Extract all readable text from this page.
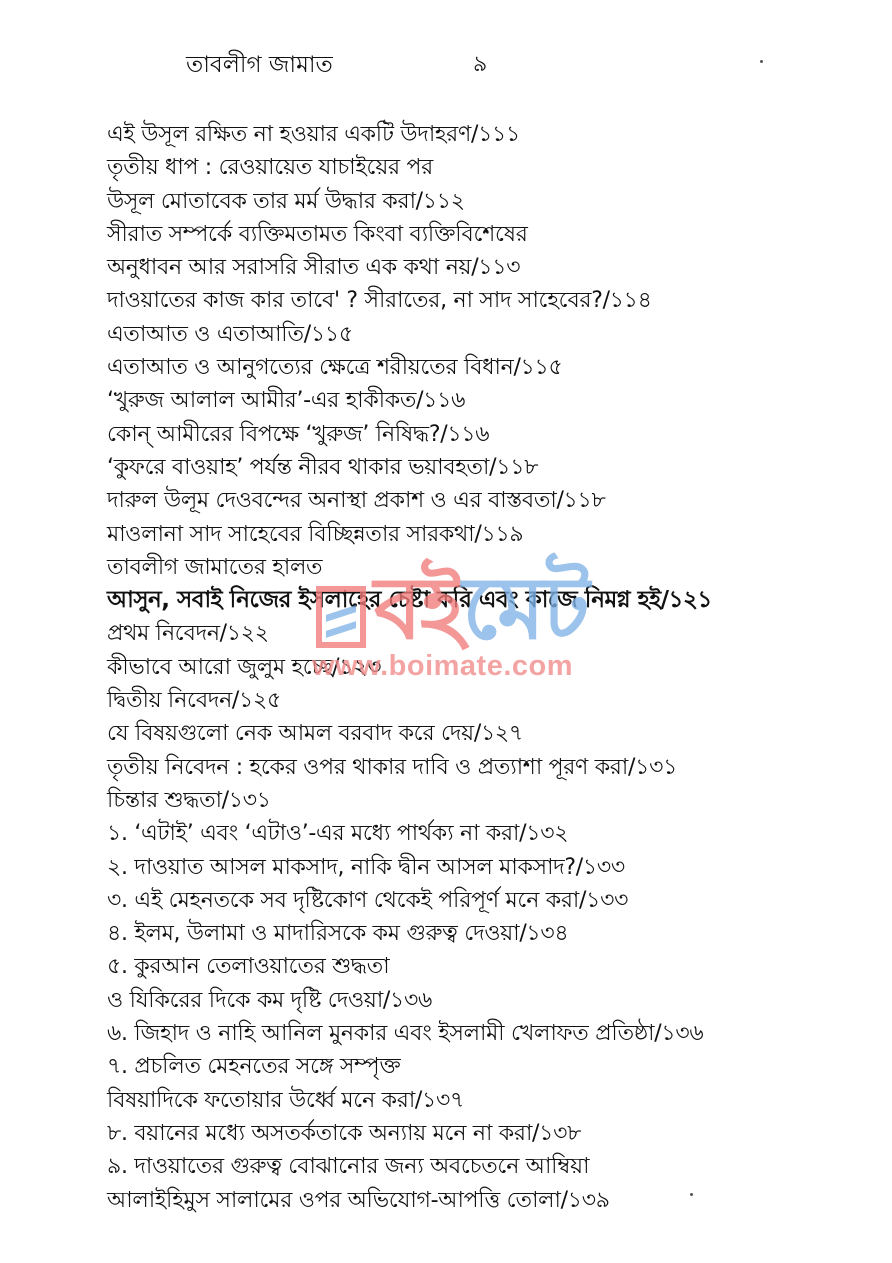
তাবলীগ জামাত	৯
এই উসূল রক্ষিত না হওয়ার একটি উদাহরণ/১১১
তৃতীয় ধাপ : রেওয়ায়েত যাচাইয়ের পর
উসূল মোতাবেক তার মর্ম উদ্ধার করা/১১২
সীরাত সম্পর্কে ব্যক্তিমতামত কিংবা ব্যক্তিবিশেষের
অনুধাবন আর সরাসরি সীরাত এক কথা নয়/১১৩
দাওয়াতের কাজ কার তাবে' ? সীরাতের, না সাদ সাহেবের?/১১৪
এতাআত ও এতাআতি/১১৫
এতাআত ও আনুগত্যের ক্ষেত্রে শরীয়তের বিধান/১১৫
‘খুরুজ আলাল আমীর’-এর হাকীকত/১১৬
কোন্ আমীরের বিপক্ষে ‘খুরুজ’ নিষিদ্ধ?/১১৬
‘কুফরে বাওয়াহ’ পর্যন্ত নীরব থাকার ভয়াবহতা/১১৮
দারুল উলূম দেওবন্দের অনাস্থা প্রকাশ ও এর বাস্তবতা/১১৮
মাওলানা সাদ সাহেবের বিচ্ছিন্নতার সারকথা/১১৯
তাবলীগ জামাতের হালত
আসুন, সবাই নিজের ইসলাহের চেষ্টা করি এবং কাজে নিমগ্ন হই/১২১
প্রথম নিবেদন/১২২
কীভাবে আরো জুলুম হচ্ছে/১২৩
দ্বিতীয় নিবেদন/১২৫
যে বিষয়গুলো নেক আমল বরবাদ করে দেয়/১২৭
তৃতীয় নিবেদন : হকের ওপর থাকার দাবি ও প্রত্যাশা পূরণ করা/১৩১
চিন্তার শুদ্ধতা/১৩১
১. ‘এটাই’ এবং ‘এটাও’-এর মধ্যে পার্থক্য না করা/১৩২
২. দাওয়াত আসল মাকসাদ, নাকি দ্বীন আসল মাকসাদ?/১৩৩
৩. এই মেহনতকে সব দৃষ্টিকোণ থেকেই পরিপূর্ণ মনে করা/১৩৩
৪. ইলম, উলামা ও মাদারিসকে কম গুরুত্ব দেওয়া/১৩৪
৫. কুরআন তেলাওয়াতের শুদ্ধতা
ও যিকিরের দিকে কম দৃষ্টি দেওয়া/১৩৬
৬. জিহাদ ও নাহি আনিল মুনকার এবং ইসলামী খেলাফত প্রতিষ্ঠা/১৩৬
৭. প্রচলিত মেহনতের সঙ্গে সম্পৃক্ত
বিষয়াদিকে ফতোয়ার উর্ধ্বে মনে করা/১৩৭
৮. বয়ানের মধ্যে অসতর্কতাকে অন্যায় মনে না করা/১৩৮
৯. দাওয়াতের গুরুত্ব বোঝানোর জন্য অবচেতনে আম্বিয়া
আলাইহিমুস সালামের ওপর অভিযোগ-আপত্তি তোলা/১৩৯
বইমেট
www.boimate.com
